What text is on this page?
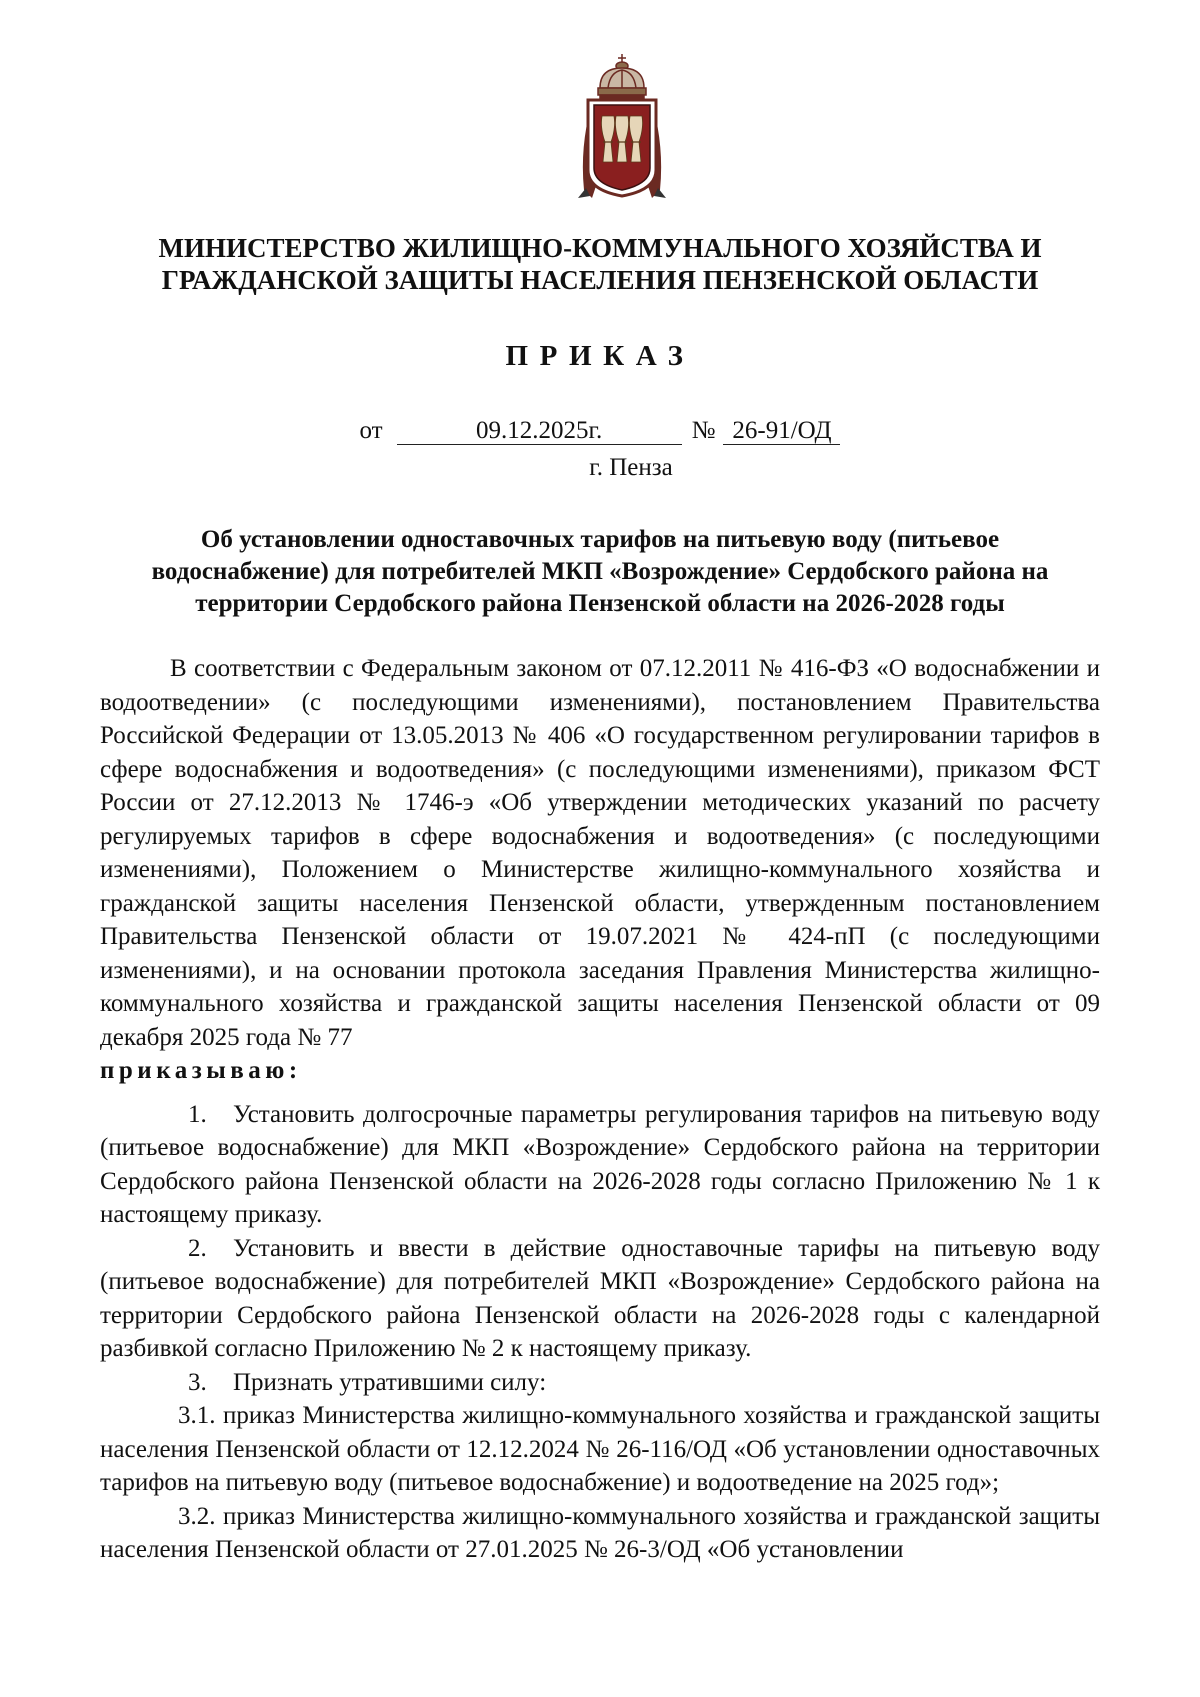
МИНИСТЕРСТВО ЖИЛИЩНО-КОММУНАЛЬНОГО ХОЗЯЙСТВА И
ГРАЖДАНСКОЙ ЗАЩИТЫ НАСЕЛЕНИЯ ПЕНЗЕНСКОЙ ОБЛАСТИ
ПРИКАЗ
от	09.12.2025г.	№ 26-91/ОД
г. Пенза
Об установлении одноставочных тарифов на питьевую воду (питьевое
водоснабжение) для потребителей МКП «Возрождение» Сердобского района на
территории Сердобского района Пензенской области на 2026-2028 годы

В соответствии с Федеральным законом от 07.12.2011 № 416-ФЗ «О водоснабжении и водоотведении» (с последующими изменениями), постановлением Правительства Российской Федерации от 13.05.2013 № 406 «О государственном регулировании тарифов в сфере водоснабжения и водоотведения» (с последующими изменениями), приказом ФСТ России от 27.12.2013 № 1746-э «Об утверждении методических указаний по расчету регулируемых тарифов в сфере водоснабжения и водоотведения» (с последующими изменениями), Положением о Министерстве жилищно-коммунального хозяйства и гражданской защиты населения Пензенской области, утвержденным постановлением Правительства Пензенской области от 19.07.2021 № 424-пП (с последующими изменениями), и на основании протокола заседания Правления Министерства жилищно-коммунального хозяйства и гражданской защиты населения Пензенской области от 09 декабря 2025 года № 77

приказываю:

1. Установить долгосрочные параметры регулирования тарифов на питьевую воду (питьевое водоснабжение) для МКП «Возрождение» Сердобского района на территории Сердобского района Пензенской области на 2026-2028 годы согласно Приложению № 1 к настоящему приказу.

2. Установить и ввести в действие одноставочные тарифы на питьевую воду (питьевое водоснабжение) для потребителей МКП «Возрождение» Сердобского района на территории Сердобского района Пензенской области на 2026-2028 годы с календарной разбивкой согласно Приложению № 2 к настоящему приказу.

3. Признать утратившими силу:

3.1. приказ Министерства жилищно-коммунального хозяйства и гражданской защиты населения Пензенской области от 12.12.2024 № 26-116/ОД «Об установлении одноставочных тарифов на питьевую воду (питьевое водоснабжение) и водоотведение на 2025 год»;

3.2. приказ Министерства жилищно-коммунального хозяйства и гражданской защиты населения Пензенской области от 27.01.2025 № 26-3/ОД «Об установлении
